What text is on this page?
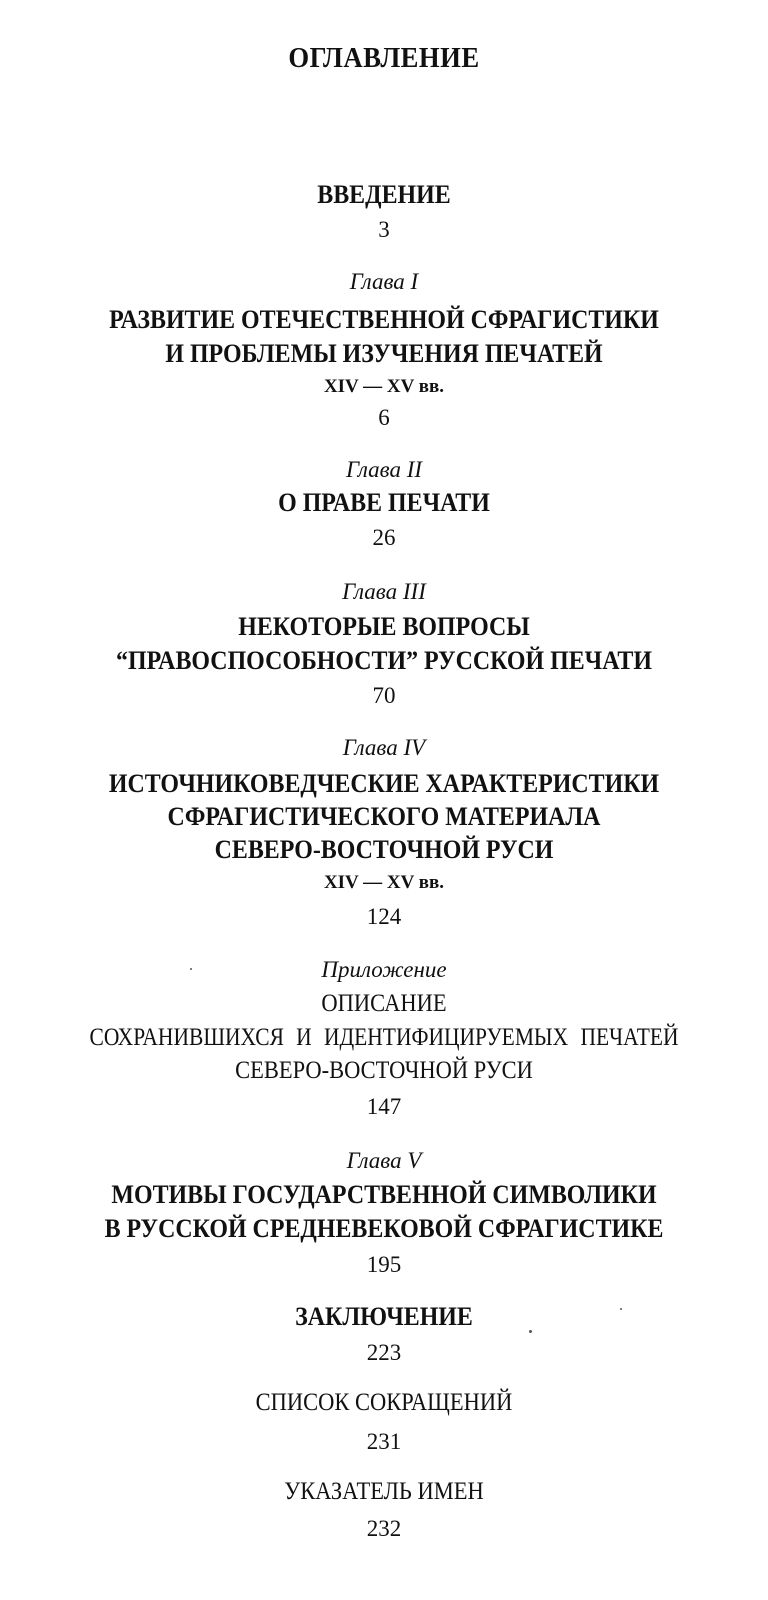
ОГЛАВЛЕНИЕ
ВВЕДЕНИЕ
3
Глава I
РАЗВИТИЕ ОТЕЧЕСТВЕННОЙ СФРАГИСТИКИ
И ПРОБЛЕМЫ ИЗУЧЕНИЯ ПЕЧАТЕЙ
XIV — XV вв.
6
Глава II
О ПРАВЕ ПЕЧАТИ
26
Глава III
НЕКОТОРЫЕ ВОПРОСЫ
“ПРАВОСПОСОБНОСТИ” РУССКОЙ ПЕЧАТИ
70
Глава IV
ИСТОЧНИКОВЕДЧЕСКИЕ ХАРАКТЕРИСТИКИ
СФРАГИСТИЧЕСКОГО МАТЕРИАЛА
СЕВЕРО-ВОСТОЧНОЙ РУСИ
XIV — XV вв.
124
Приложение
ОПИСАНИЕ
СОХРАНИВШИХСЯ И ИДЕНТИФИЦИРУЕМЫХ ПЕЧАТЕЙ
СЕВЕРО-ВОСТОЧНОЙ РУСИ
147
Глава V
МОТИВЫ ГОСУДАРСТВЕННОЙ СИМВОЛИКИ
В РУССКОЙ СРЕДНЕВЕКОВОЙ СФРАГИСТИКЕ
195
ЗАКЛЮЧЕНИЕ
223
СПИСОК СОКРАЩЕНИЙ
231
УКАЗАТЕЛЬ ИМЕН
232
